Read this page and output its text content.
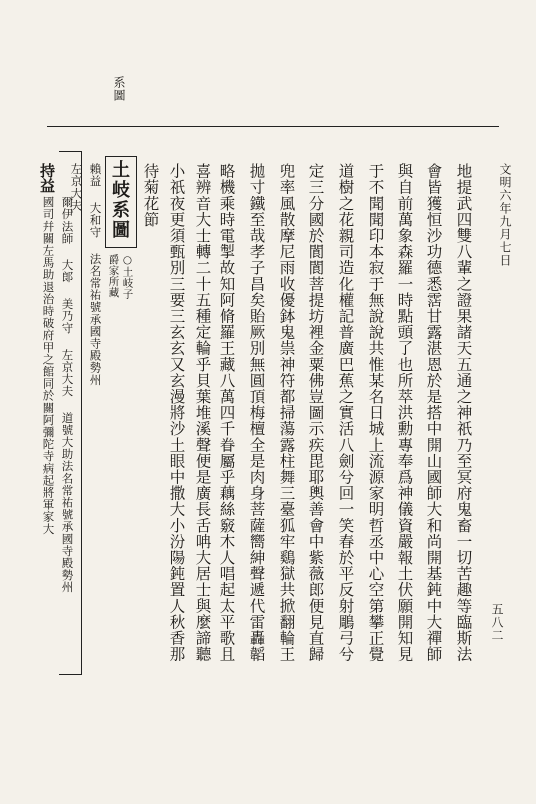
系圖
文明六年九月七日
五八二
地提武四雙八輩之證果諸天五通之神祇乃至冥府鬼畜一切苦趣等臨斯法
會皆獲恒沙功德悉霑甘露湛恩於是搭中開山國師大和尚開基鈍中大禪師
與自前萬象森羅一時點頭了也所萃洪勳專奉爲神儀資嚴報土伏願開知見
于不聞聞印本寂于無說說共惟某名日城上流源家明哲丞中心空第攀正覺
道樹之花親司造化權記普廣巴蕉之實活八劍兮回一笑春於平反射鵰弓兮
定三分國於閬閬菩提坊裡金粟佛豈圖示疾毘耶輿善會中紫薇郎便見直歸
兜率風散摩尼雨收優鉢鬼祟神符都掃蕩露柱舞三臺狐牢鷄獄共掀翻輪王
拋寸鐵至哉孝子昌矣貽厥別無圓頂梅檀全是肉身菩薩嚮紳聲遞代雷轟韜
略機乘時電掣故知阿脩羅王藏八萬四千眷屬乎藕絲竅木人唱起太平歌且
喜辨音大士轉二十五種定輪乎貝葉堆溪聲便是廣長舌呥大居士與麼諦聽
小祇夜更須甄別三要三玄玄又玄漫將沙土眼中撒大小汾陽鈍置人秋香那
待菊花節
土岐系圖
○土岐子
爵家所藏
賴益 大和守 法名常祐號承國寺殿勢州
左京大夫
爾伊法師 大郞 美乃守 左京大夫 道號大助法名常祐號承國寺殿勢州
持益
國司幷關左馬助退治時破府甲之館同於關阿彌陀寺病起將軍家大
